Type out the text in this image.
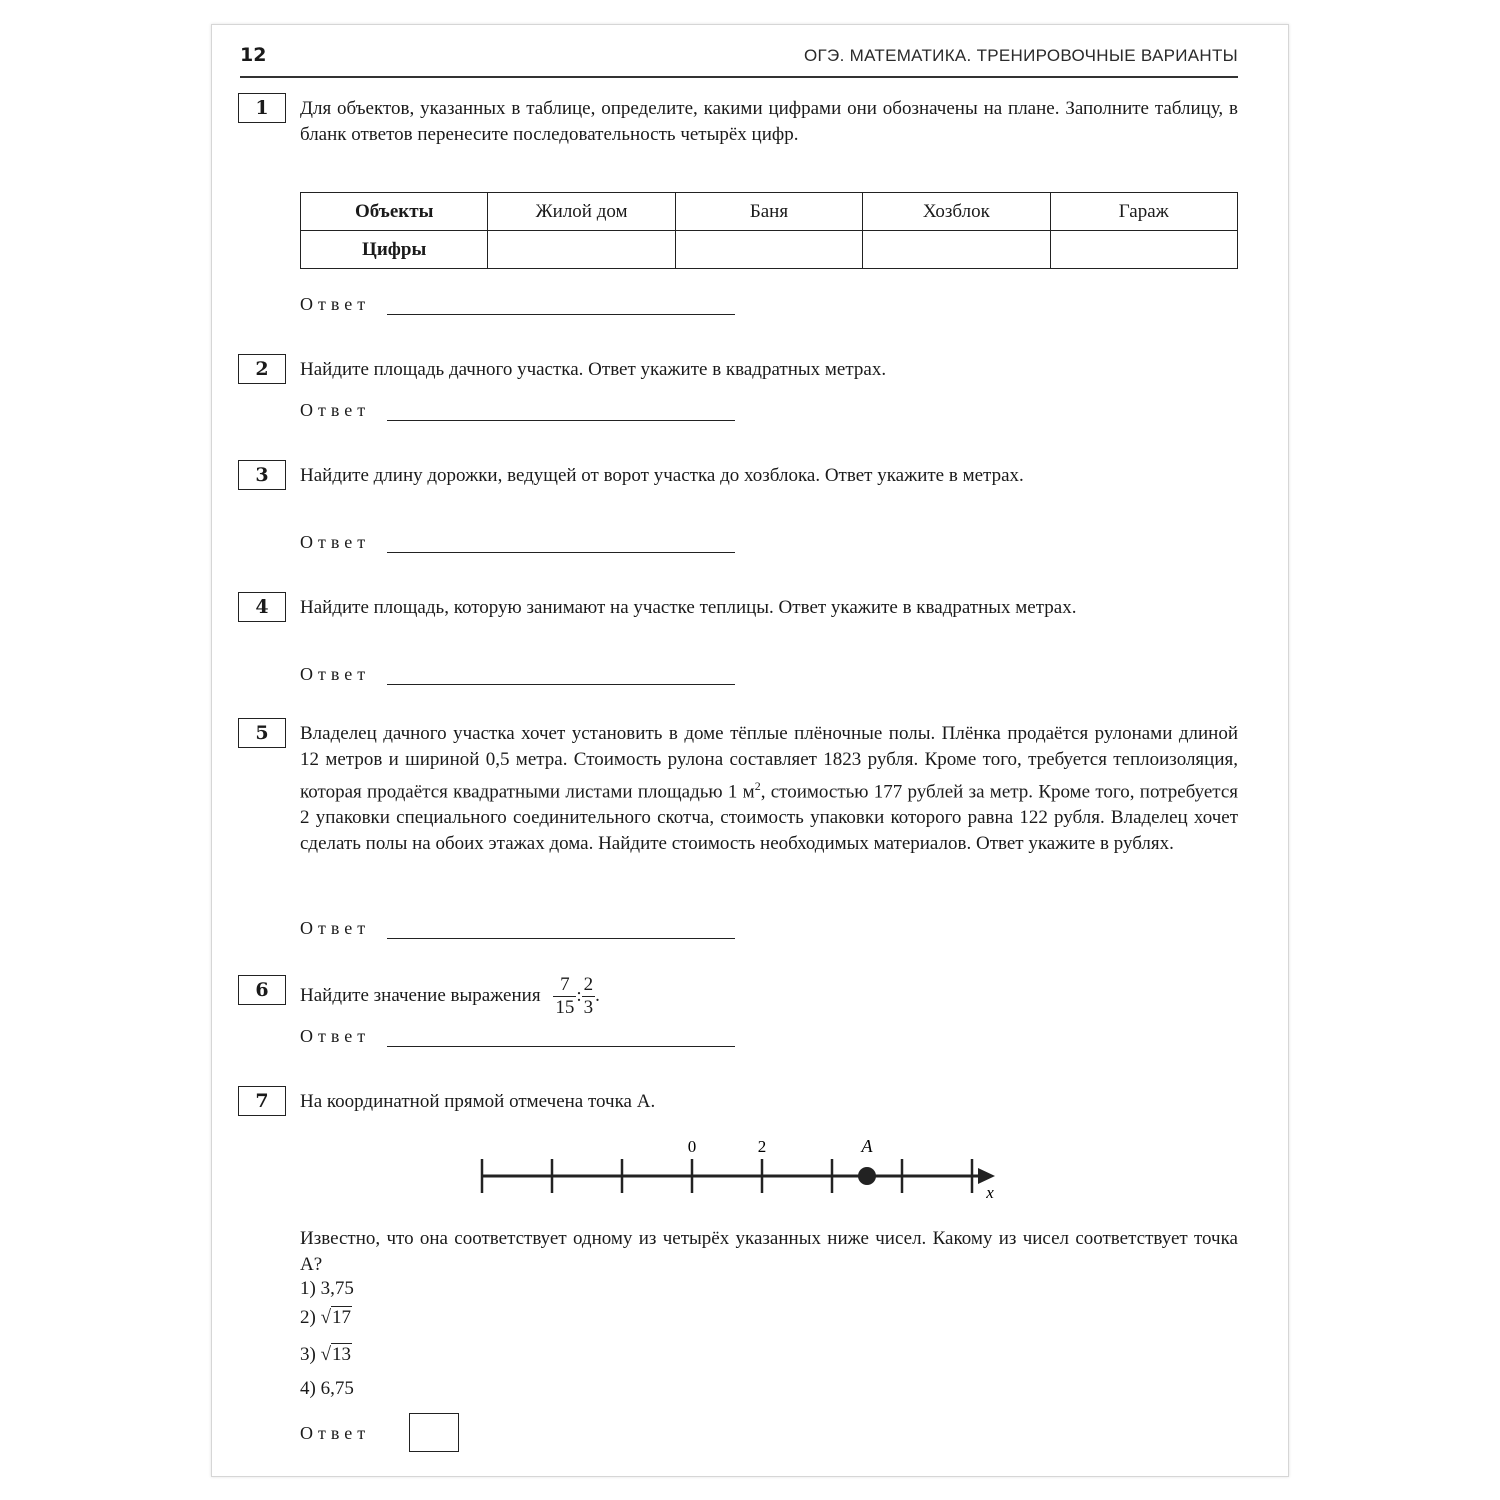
12	ОГЭ. МАТЕМАТИКА. ТРЕНИРОВОЧНЫЕ ВАРИАНТЫ
1	Для объектов, указанных в таблице, определите, какими цифрами они обозначены на плане. Заполните таблицу, в бланк ответов перенесите последовательность четырёх цифр.
Объекты	Жилой дом	Баня	Хозблок	Гараж
Цифры				
Ответ
2	Найдите площадь дачного участка. Ответ укажите в квадратных метрах.
Ответ
3	Найдите длину дорожки, ведущей от ворот участка до хозблока. Ответ укажите в метрах.
Ответ
4	Найдите площадь, которую занимают на участке теплицы. Ответ укажите в квадратных метрах.
Ответ
5	Владелец дачного участка хочет установить в доме тёплые плёночные полы. Плёнка продаётся рулонами длиной 12 метров и шириной 0,5 метра. Стоимость рулона составляет 1823 рубля. Кроме того, требуется теплоизоляция, которая продаётся квадратными листами площадью 1 $м^2$, стоимостью 177 рублей за метр. Кроме того, потребуется 2 упаковки специального соединительного скотча, стоимость упаковки которого равна 122 рубля. Владелец хочет сделать полы на обоих этажах дома. Найдите стоимость необходимых материалов. Ответ укажите в рублях.
Ответ
6	Найдите значение выражения $\frac{7}{15}$ : $\frac{2}{3}$ .
Ответ
7	На координатной прямой отмечена точка A.
0	2	A
x
Известно, что она соответствует одному из четырёх указанных ниже чисел. Какому из чисел соответствует точка A?
1) 3,75
2) √17
3) √13
4) 6,75
Ответ
